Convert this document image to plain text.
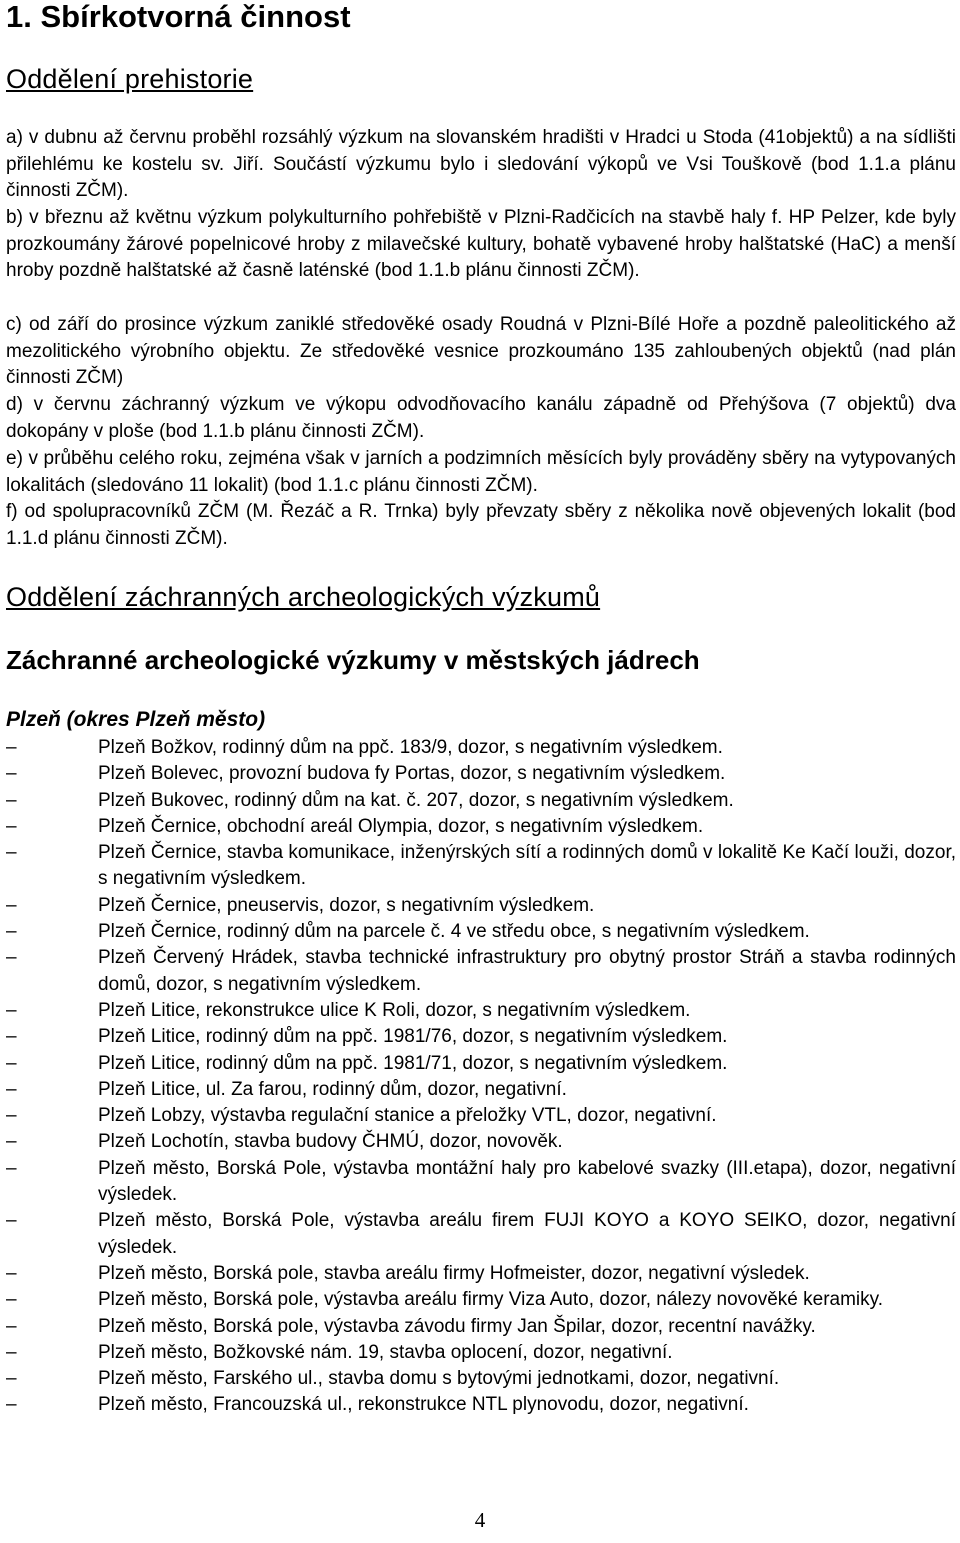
1. Sbírkotvorná činnost
Oddělení prehistorie

a) v dubnu až červnu proběhl rozsáhlý výzkum na slovanském hradišti v Hradci u Stoda (41objektů) a na sídlišti přilehlému ke kostelu sv. Jiří. Součástí výzkumu bylo i sledování výkopů ve Vsi Touškově (bod 1.1.a plánu činnosti ZČM).

b) v březnu až květnu výzkum polykulturního pohřebiště v Plzni-Radčicích na stavbě haly f. HP Pelzer, kde byly prozkoumány žárové popelnicové hroby z milavečské kultury, bohatě vybavené hroby halštatské (HaC) a menší hroby pozdně halštatské až časně laténské (bod 1.1.b plánu činnosti ZČM).

c) od září do prosince výzkum zaniklé středověké osady Roudná v Plzni-Bílé Hoře a pozdně paleolitického až mezolitického výrobního objektu. Ze středověké vesnice prozkoumáno 135 zahloubených objektů (nad plán činnosti ZČM)

d) v červnu záchranný výzkum ve výkopu odvodňovacího kanálu západně od Přehýšova (7 objektů) dva dokopány v ploše (bod 1.1.b plánu činnosti ZČM).

e) v průběhu celého roku, zejména však v jarních a podzimních měsících byly prováděny sběry na vytypovaných lokalitách (sledováno 11 lokalit) (bod 1.1.c plánu činnosti ZČM).

f) od spolupracovníků ZČM (M. Řezáč a R. Trnka) byly převzaty sběry z několika nově objevených lokalit (bod 1.1.d plánu činnosti ZČM).

Oddělení záchranných archeologických výzkumů
Záchranné archeologické výzkumy v městských jádrech
Plzeň (okres Plzeň město)
–	Plzeň Božkov, rodinný dům na ppč. 183/9, dozor, s negativním výsledkem.
–	Plzeň Bolevec, provozní budova fy Portas, dozor, s negativním výsledkem.
–	Plzeň Bukovec, rodinný dům na kat. č. 207, dozor, s negativním výsledkem.
–	Plzeň Černice, obchodní areál Olympia, dozor, s negativním výsledkem.
–	Plzeň Černice, stavba komunikace, inženýrských sítí a rodinných domů v lokalitě Ke Kačí louži, dozor, s negativním výsledkem.
–	Plzeň Černice, pneuservis, dozor, s negativním výsledkem.
–	Plzeň Černice, rodinný dům na parcele č. 4 ve středu obce, s negativním výsledkem.
–	Plzeň Červený Hrádek, stavba technické infrastruktury pro obytný prostor Stráň a stavba rodinných domů, dozor, s negativním výsledkem.
–	Plzeň Litice, rekonstrukce ulice K Roli, dozor, s negativním výsledkem.
–	Plzeň Litice, rodinný dům na ppč. 1981/76, dozor, s negativním výsledkem.
–	Plzeň Litice, rodinný dům na ppč. 1981/71, dozor, s negativním výsledkem.
–	Plzeň Litice, ul. Za farou, rodinný dům, dozor, negativní.
–	Plzeň Lobzy, výstavba regulační stanice a přeložky VTL, dozor, negativní.
–	Plzeň Lochotín, stavba budovy ČHMÚ, dozor, novověk.
–	Plzeň město, Borská Pole, výstavba montážní haly pro kabelové svazky (III.etapa), dozor, negativní výsledek.
–	Plzeň město, Borská Pole, výstavba areálu firem FUJI KOYO a KOYO SEIKO, dozor, negativní výsledek.
–	Plzeň město, Borská pole, stavba areálu firmy Hofmeister, dozor, negativní výsledek.
–	Plzeň město, Borská pole, výstavba areálu firmy Viza Auto, dozor, nálezy novověké keramiky.
–	Plzeň město, Borská pole, výstavba závodu firmy Jan Špilar, dozor, recentní navážky.
–	Plzeň město, Božkovské nám. 19, stavba oplocení, dozor, negativní.
–	Plzeň město, Farského ul., stavba domu s bytovými jednotkami, dozor, negativní.
–	Plzeň město, Francouzská ul., rekonstrukce NTL plynovodu, dozor, negativní.
4
